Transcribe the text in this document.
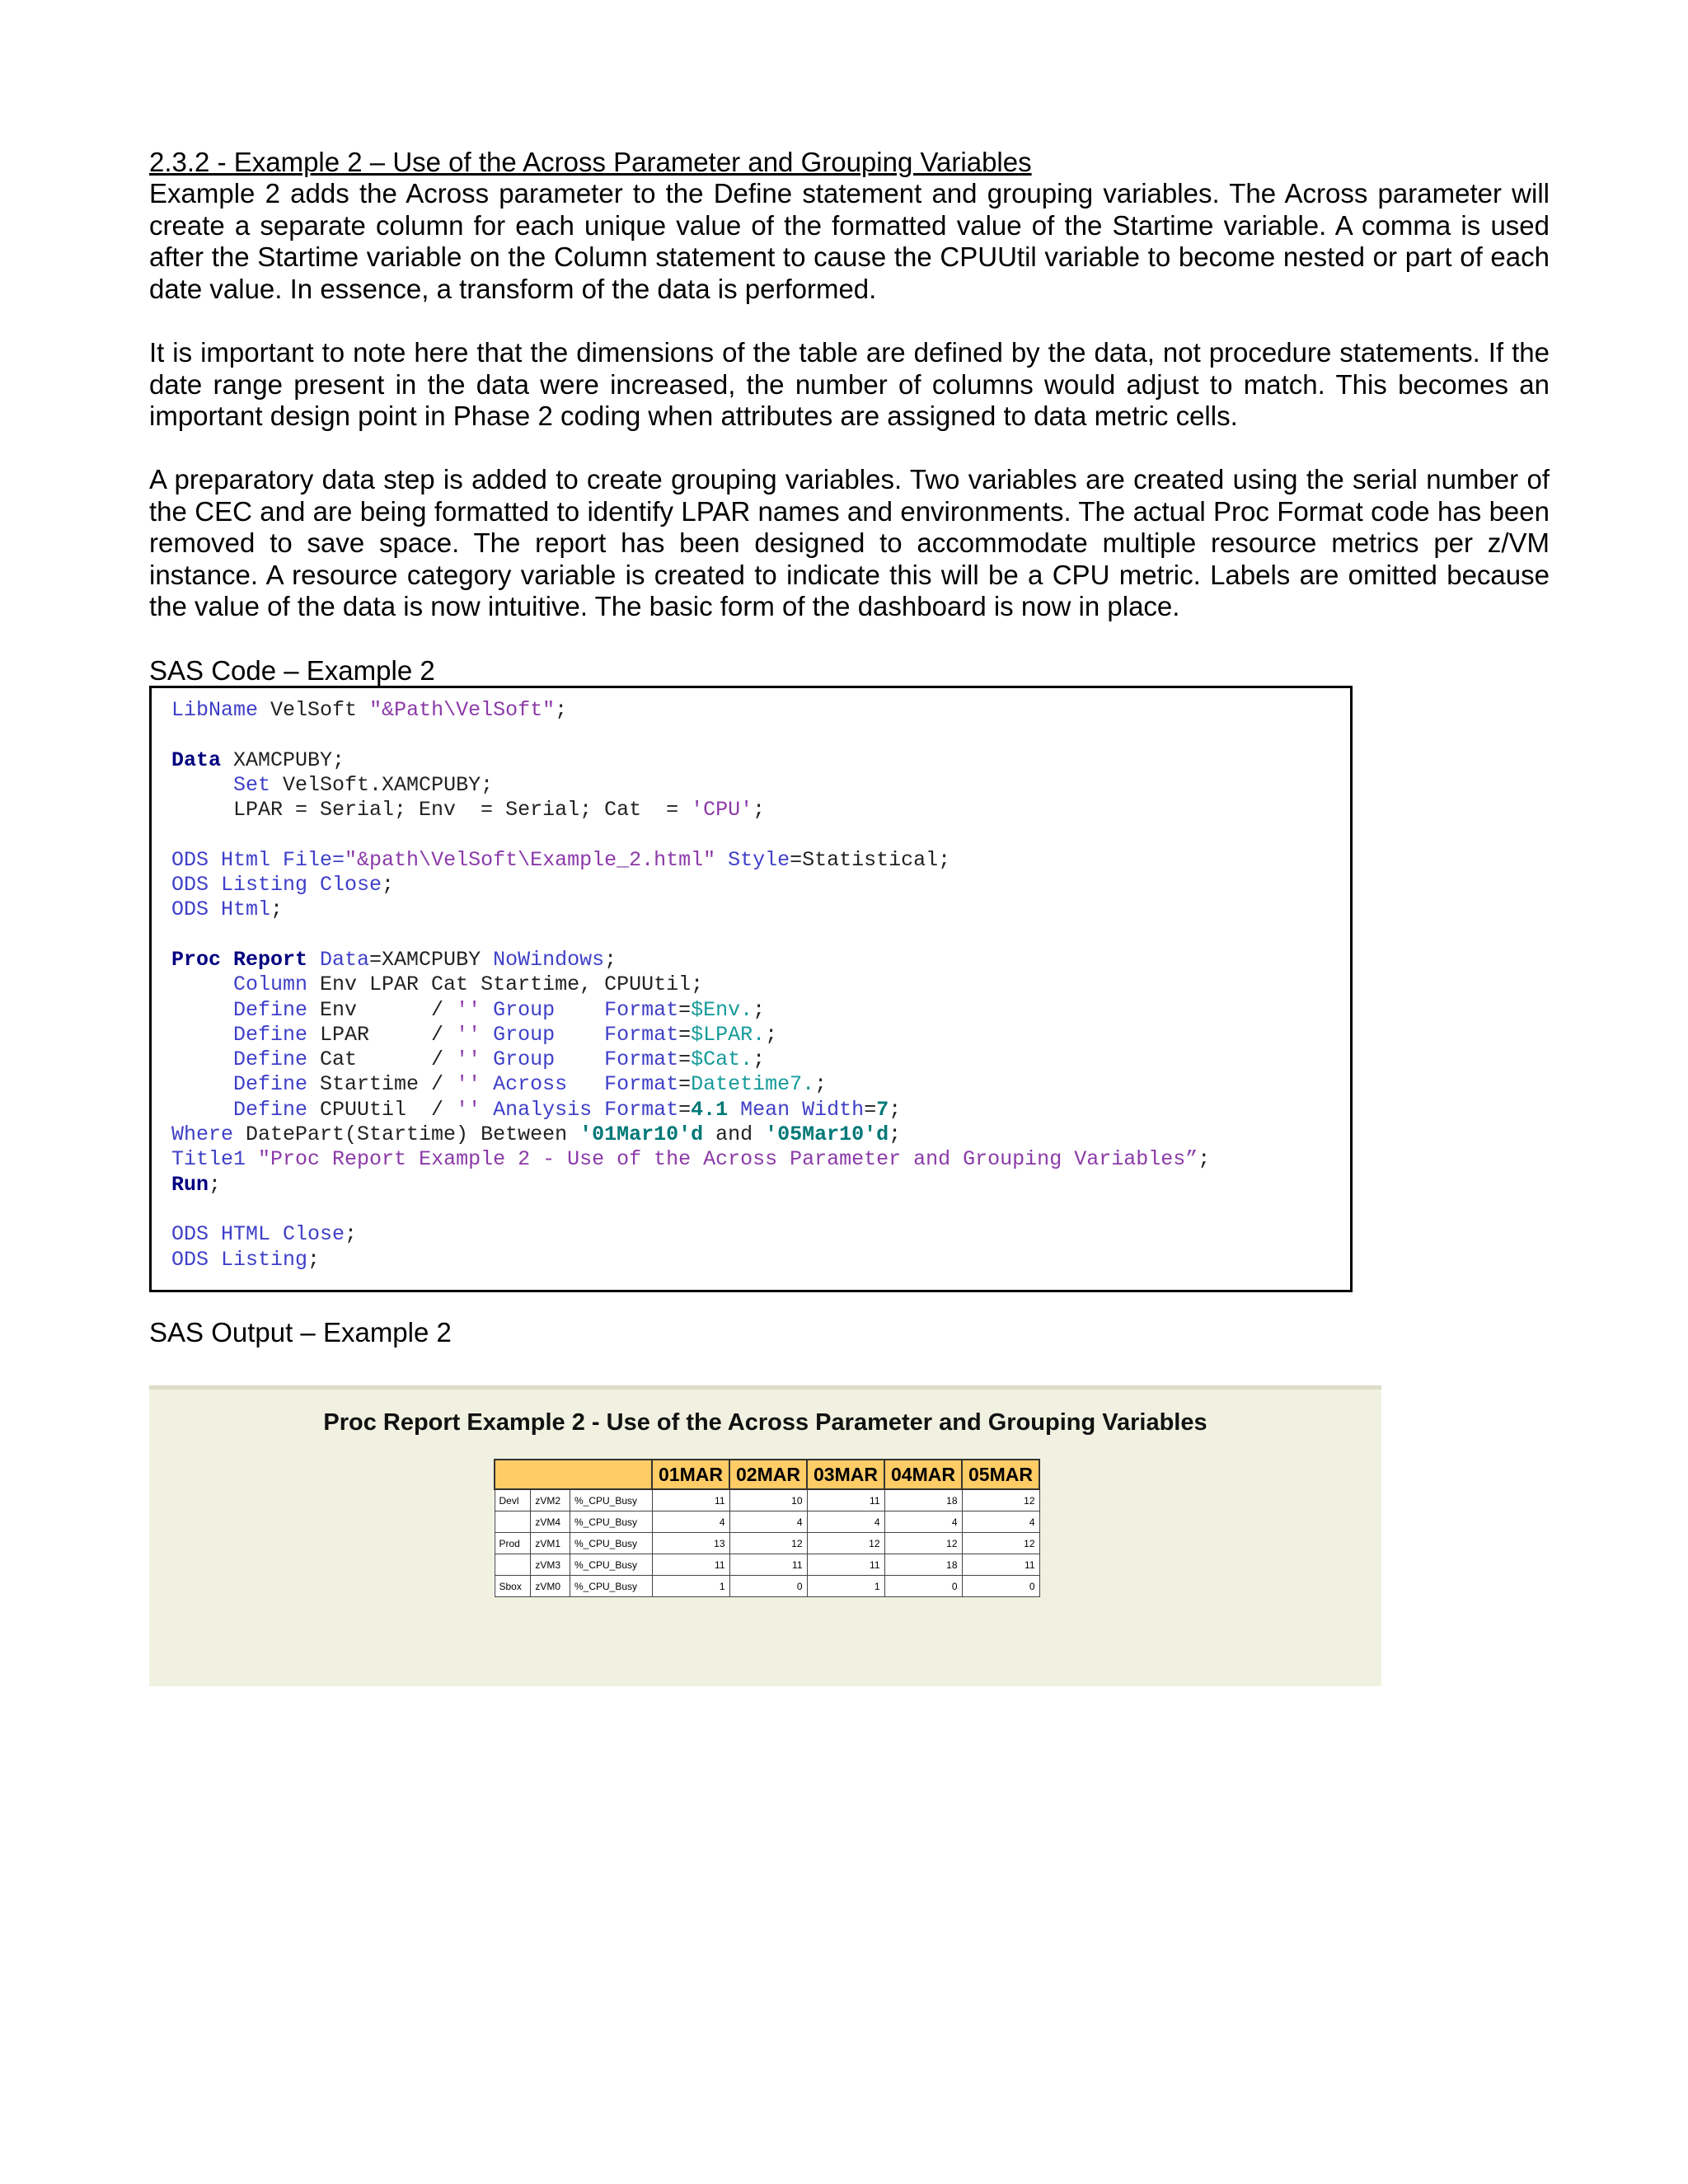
2.3.2 - Example 2 – Use of the Across Parameter and Grouping Variables

Example 2 adds the Across parameter to the Define statement and grouping variables. The Across parameter will create a separate column for each unique value of the formatted value of the Startime variable. A comma is used after the Startime variable on the Column statement to cause the CPUUtil variable to become nested or part of each date value. In essence, a transform of the data is performed.

It is important to note here that the dimensions of the table are defined by the data, not procedure statements. If the date range present in the data were increased, the number of columns would adjust to match. This becomes an important design point in Phase 2 coding when attributes are assigned to data metric cells.

A preparatory data step is added to create grouping variables. Two variables are created using the serial number of the CEC and are being formatted to identify LPAR names and environments. The actual Proc Format code has been removed to save space. The report has been designed to accommodate multiple resource metrics per z/VM instance. A resource category variable is created to indicate this will be a CPU metric. Labels are omitted because the value of the data is now intuitive. The basic form of the dashboard is now in place.

SAS Code – Example 2
LibName VelSoft "&Path\VelSoft";

Data XAMCPUBY;
Set VelSoft.XAMCPUBY;
LPAR = Serial; Env  = Serial; Cat  = 'CPU';

ODS Html File="&path\VelSoft\Example_2.html" Style=Statistical;
ODS Listing Close;
ODS Html;

Proc Report Data=XAMCPUBY NoWindows;
Column Env LPAR Cat Startime, CPUUtil;
Define Env      / '' Group    Format=$Env.;
Define LPAR     / '' Group    Format=$LPAR.;
Define Cat      / '' Group    Format=$Cat.;
Define Startime / '' Across   Format=Datetime7.;
Define CPUUtil  / '' Analysis Format=4.1 Mean Width=7;
Where DatePart(Startime) Between '01Mar10'd and '05Mar10'd;
Title1 "Proc Report Example 2 - Use of the Across Parameter and Grouping Variables”;
Run;

ODS HTML Close;
ODS Listing;
SAS Output – Example 2
Proc Report Example 2 - Use of the Across Parameter and Grouping Variables
			01MAR	02MAR	03MAR	04MAR	05MAR
Devl	zVM2	%_CPU_Busy	11	10	11	18	12
	zVM4	%_CPU_Busy	4	4	4	4	4
Prod	zVM1	%_CPU_Busy	13	12	12	12	12
	zVM3	%_CPU_Busy	11	11	11	18	11
Sbox	zVM0	%_CPU_Busy	1	0	1	0	0
